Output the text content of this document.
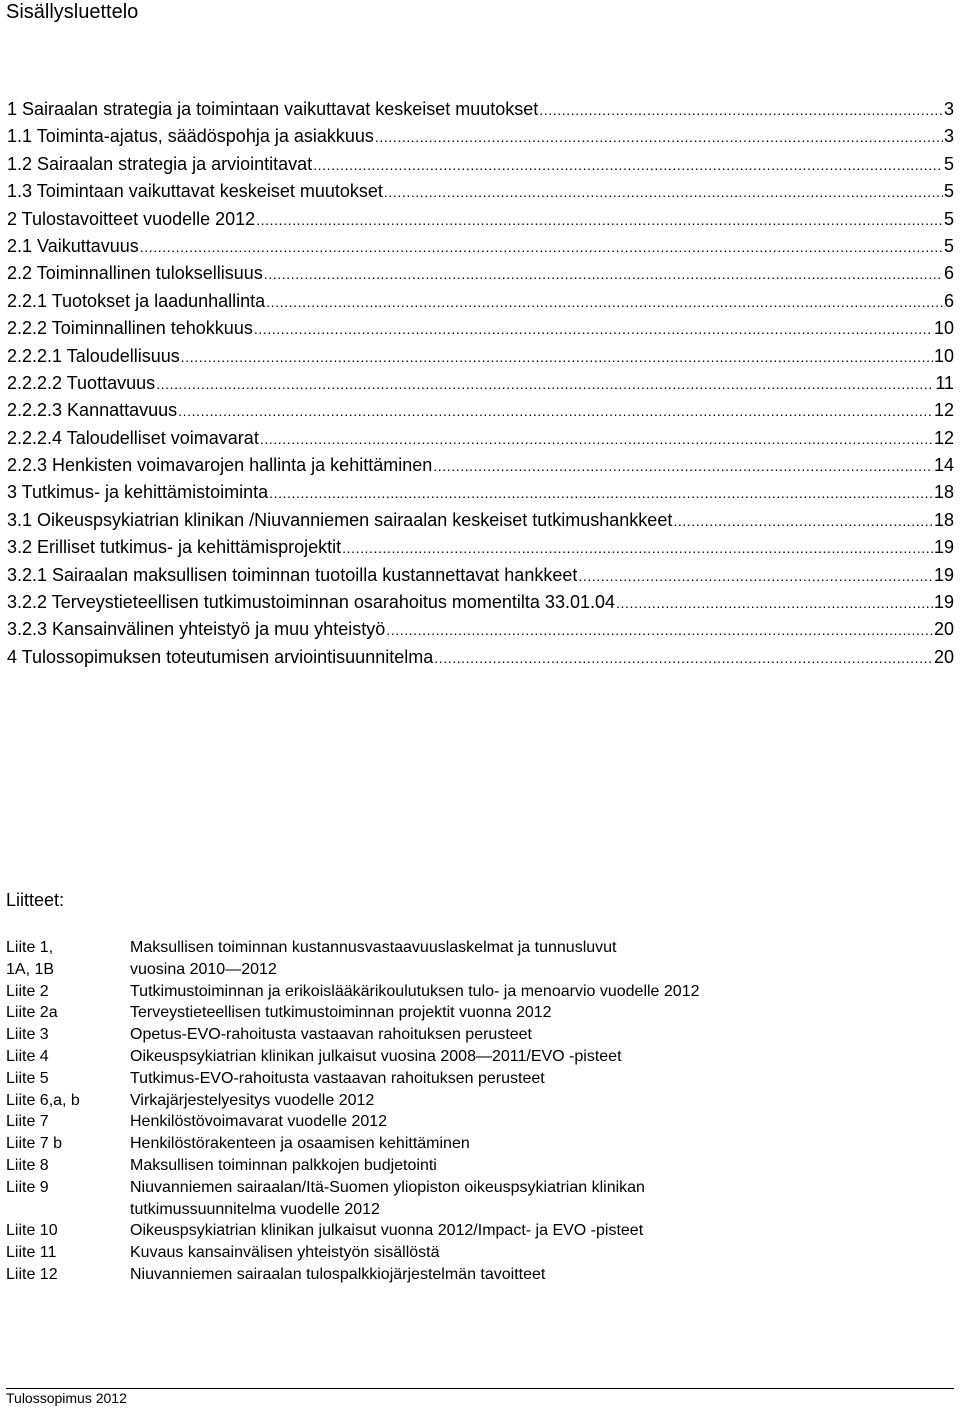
Sisällysluettelo
1 Sairaalan strategia ja toimintaan vaikuttavat keskeiset muutokset .....	3
1.1 Toiminta-ajatus, säädöspohja ja asiakkuus .....	3
1.2 Sairaalan strategia ja arviointitavat .....	5
1.3 Toimintaan vaikuttavat keskeiset muutokset .....	5
2 Tulostavoitteet vuodelle 2012 .....	5
2.1 Vaikuttavuus .....	5
2.2 Toiminnallinen tuloksellisuus .....	6
2.2.1 Tuotokset ja laadunhallinta .....	6
2.2.2 Toiminnallinen tehokkuus .....	10
2.2.2.1 Taloudellisuus .....	10
2.2.2.2 Tuottavuus .....	11
2.2.2.3 Kannattavuus .....	12
2.2.2.4 Taloudelliset voimavarat .....	12
2.2.3 Henkisten voimavarojen hallinta ja kehittäminen .....	14
3 Tutkimus- ja kehittämistoiminta .....	18
3.1 Oikeuspsykiatrian klinikan /Niuvanniemen sairaalan keskeiset tutkimushankkeet .....	18
3.2 Erilliset tutkimus- ja kehittämisprojektit .....	19
3.2.1 Sairaalan maksullisen toiminnan tuotoilla kustannettavat hankkeet .....	19
3.2.2 Terveystieteellisen tutkimustoiminnan osarahoitus momentilta 33.01.04 .....	19
3.2.3 Kansainvälinen yhteistyö ja muu yhteistyö .....	20
4 Tulossopimuksen toteutumisen arviointisuunnitelma .....	20
Liitteet:
Liite 1,	Maksullisen toiminnan kustannusvastaavuuslaskelmat ja tunnusluvut
1A, 1B	vuosina 2010—2012
Liite 2	Tutkimustoiminnan ja erikoislääkärikoulutuksen tulo- ja menoarvio vuodelle 2012
Liite 2a	Terveystieteellisen tutkimustoiminnan projektit vuonna 2012
Liite 3	Opetus-EVO-rahoitusta vastaavan rahoituksen perusteet
Liite 4	Oikeuspsykiatrian klinikan julkaisut vuosina 2008—2011/EVO -pisteet
Liite 5	Tutkimus-EVO-rahoitusta vastaavan rahoituksen perusteet
Liite 6,a, b	Virkajärjestelyesitys vuodelle 2012
Liite 7	Henkilöstövoimavarat vuodelle 2012
Liite 7 b	Henkilöstörakenteen ja osaamisen kehittäminen
Liite 8	Maksullisen toiminnan palkkojen budjetointi
Liite 9	Niuvanniemen sairaalan/Itä-Suomen yliopiston oikeuspsykiatrian klinikan
tutkimussuunnitelma vuodelle 2012
Liite 10	Oikeuspsykiatrian klinikan julkaisut vuonna 2012/Impact- ja EVO -pisteet
Liite 11	Kuvaus kansainvälisen yhteistyön sisällöstä
Liite 12	Niuvanniemen sairaalan tulospalkkiojärjestelmän tavoitteet
Tulossopimus 2012
